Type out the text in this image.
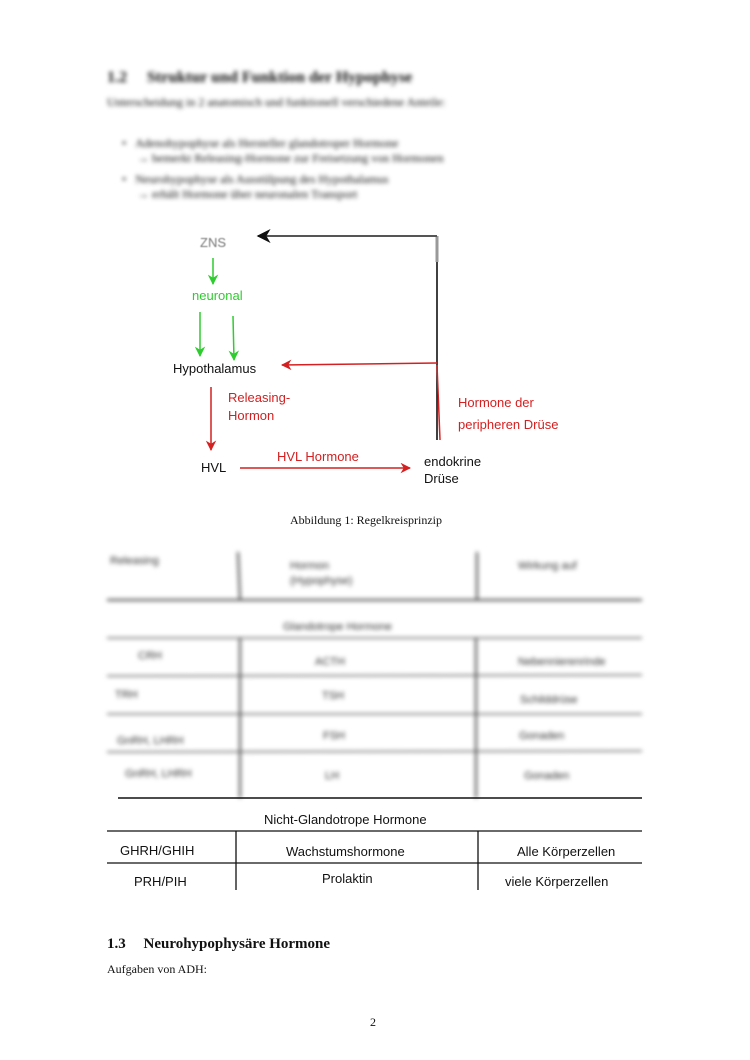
1.2 Struktur und Funktion der Hypophyse
Unterscheidung in 2 anatomisch und funktionell verschiedene Anteile:
• Adenohypophyse als Hersteller glandotroper Hormone
→ bemerkt Releasing-Hormone zur Freisetzung von Hormonen
• Neurohypophyse als Ausstülpung des Hypothalamus
→ erhält Hormone über neuronalen Transport
ZNS
neuronal
Hypothalamus
Releasing-
Hormon
HVL
HVL Hormone	endokrine
Drüse
Hormone der
peripheren Drüse
Abbildung 1: Regelkreisprinzip
Releasing	Hormon
(Hypophyse)
Wirkung auf
Glandotrope Hormone
CRH	ACTH	Nebennierenrinde
TRH	TSH	Schilddrüse
GnRH, LHRH	FSH	Gonaden
GnRH, LHRH	LH	Gonaden
Nicht-Glandotrope Hormone
GHRH/GHIH	Wachstumshormone	Alle Körperzellen
PRH/PIH	Prolaktin	viele Körperzellen
1.3 Neurohypophysäre Hormone
Aufgaben von ADH:
2
